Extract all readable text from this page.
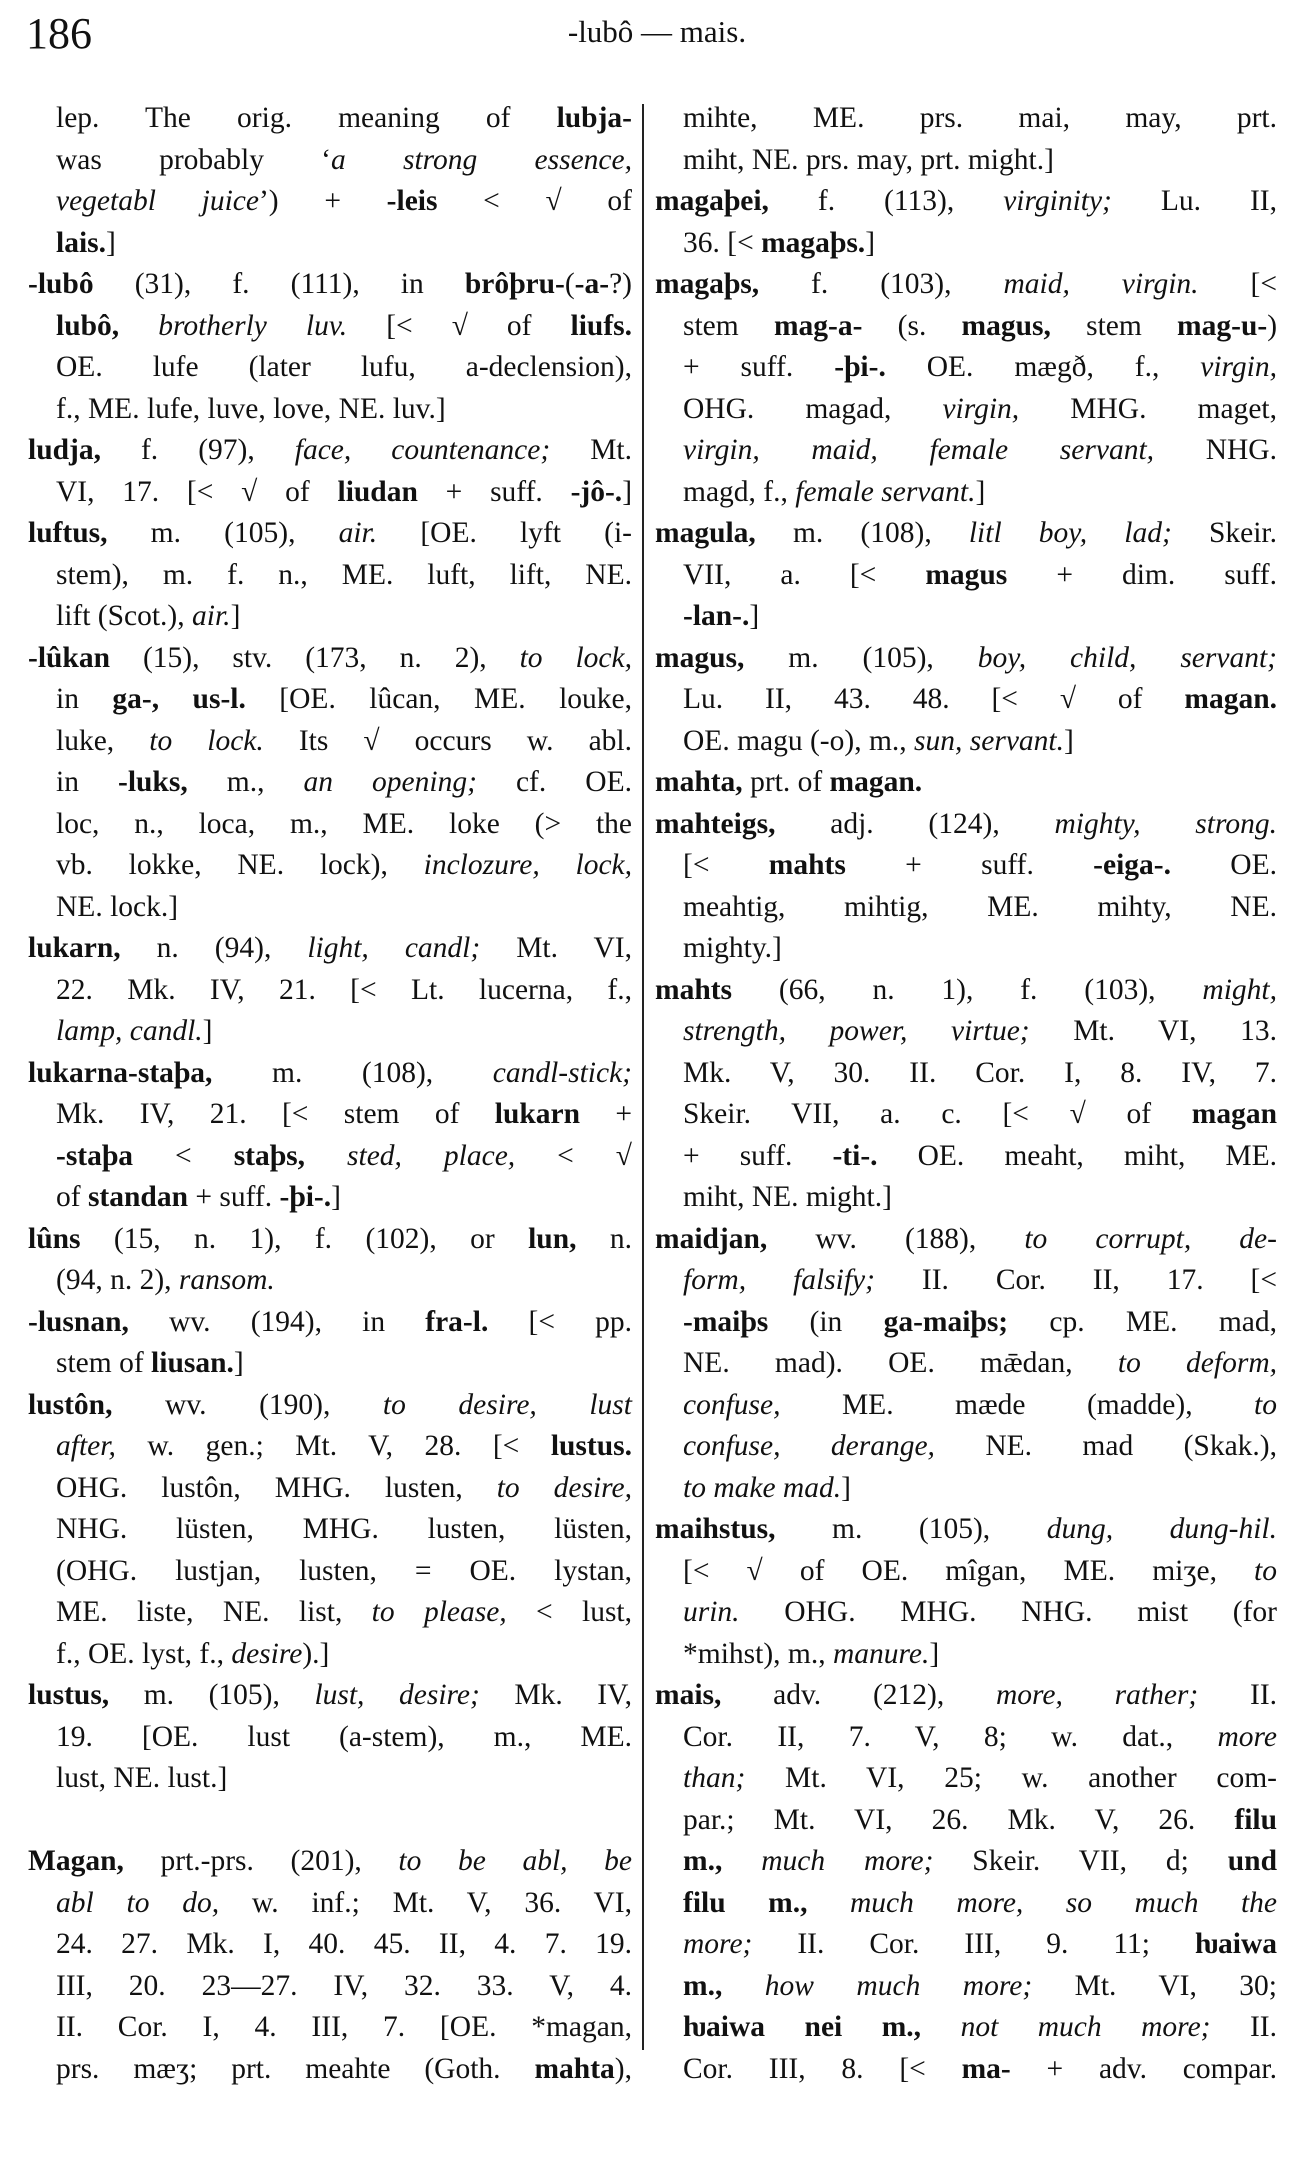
186	-lubô — mais.
lep. The orig. meaning of lubja-
was probably ‘a strong essence,
vegetabl juice’) + -leis < √ of
lais.]
-lubô (31), f. (111), in brôþru-(-a-?)
lubô, brotherly luv. [< √ of liufs.
OE. lufe (later lufu, a-declension),
f., ME. lufe, luve, love, NE. luv.]
ludja, f. (97), face, countenance; Mt.
VI, 17. [< √ of liudan + suff. -jô-.]
luftus, m. (105), air. [OE. lyft (i-
stem), m. f. n., ME. luft, lift, NE.
lift (Scot.), air.]
-lûkan (15), stv. (173, n. 2), to lock,
in ga-, us-l. [OE. lûcan, ME. louke,
luke, to lock. Its √ occurs w. abl.
in -luks, m., an opening; cf. OE.
loc, n., loca, m., ME. loke (> the
vb. lokke, NE. lock), inclozure, lock,
NE. lock.]
lukarn, n. (94), light, candl; Mt. VI,
22. Mk. IV, 21. [< Lt. lucerna, f.,
lamp, candl.]
lukarna-staþa, m. (108), candl-stick;
Mk. IV, 21. [< stem of lukarn +
-staþa < staþs, sted, place, < √
of standan + suff. -þi-.]
lûns (15, n. 1), f. (102), or lun, n.
(94, n. 2), ransom.
-lusnan, wv. (194), in fra-l. [< pp.
stem of liusan.]
lustôn, wv. (190), to desire, lust
after, w. gen.; Mt. V, 28. [< lustus.
OHG. lustôn, MHG. lusten, to desire,
NHG. lüsten, MHG. lusten, lüsten,
(OHG. lustjan, lusten, = OE. lystan,
ME. liste, NE. list, to please, < lust,
f., OE. lyst, f., desire).]
lustus, m. (105), lust, desire; Mk. IV,
19. [OE. lust (a-stem), m., ME.
lust, NE. lust.]
Magan, prt.-prs. (201), to be abl, be
abl to do, w. inf.; Mt. V, 36. VI,
24. 27. Mk. I, 40. 45. II, 4. 7. 19.
III, 20. 23—27. IV, 32. 33. V, 4.
II. Cor. I, 4. III, 7. [OE. *magan,
prs. mæʒ; prt. meahte (Goth. mahta),
mihte, ME. prs. mai, may, prt.
miht, NE. prs. may, prt. might.]
magaþei, f. (113), virginity; Lu. II,
36. [< magaþs.]
magaþs, f. (103), maid, virgin. [<
stem mag-a- (s. magus, stem mag-u-)
+ suff. -þi-. OE. mægð, f., virgin,
OHG. magad, virgin, MHG. maget,
virgin, maid, female servant, NHG.
magd, f., female servant.]
magula, m. (108), litl boy, lad; Skeir.
VII, a. [< magus + dim. suff.
-lan-.]
magus, m. (105), boy, child, servant;
Lu. II, 43. 48. [< √ of magan.
OE. magu (-o), m., sun, servant.]
mahta, prt. of magan.
mahteigs, adj. (124), mighty, strong.
[< mahts + suff. -eiga-. OE.
meahtig, mihtig, ME. mihty, NE.
mighty.]
mahts (66, n. 1), f. (103), might,
strength, power, virtue; Mt. VI, 13.
Mk. V, 30. II. Cor. I, 8. IV, 7.
Skeir. VII, a. c. [< √ of magan
+ suff. -ti-. OE. meaht, miht, ME.
miht, NE. might.]
maidjan, wv. (188), to corrupt, de-
form, falsify; II. Cor. II, 17. [<
-maiþs (in ga-maiþs; cp. ME. mad,
NE. mad). OE. mǣdan, to deform,
confuse, ME. mæde (madde), to
confuse, derange, NE. mad (Skak.),
to make mad.]
maihstus, m. (105), dung, dung-hil.
[< √ of OE. mîgan, ME. miʒe, to
urin. OHG. MHG. NHG. mist (for
*mihst), m., manure.]
mais, adv. (212), more, rather; II.
Cor. II, 7. V, 8; w. dat., more
than; Mt. VI, 25; w. another com-
par.; Mt. VI, 26. Mk. V, 26. filu
m., much more; Skeir. VII, d; und
filu m., much more, so much the
more; II. Cor. III, 9. 11; ƕaiwa
m., how much more; Mt. VI, 30;
ƕaiwa nei m., not much more; II.
Cor. III, 8. [< ma- + adv. compar.
